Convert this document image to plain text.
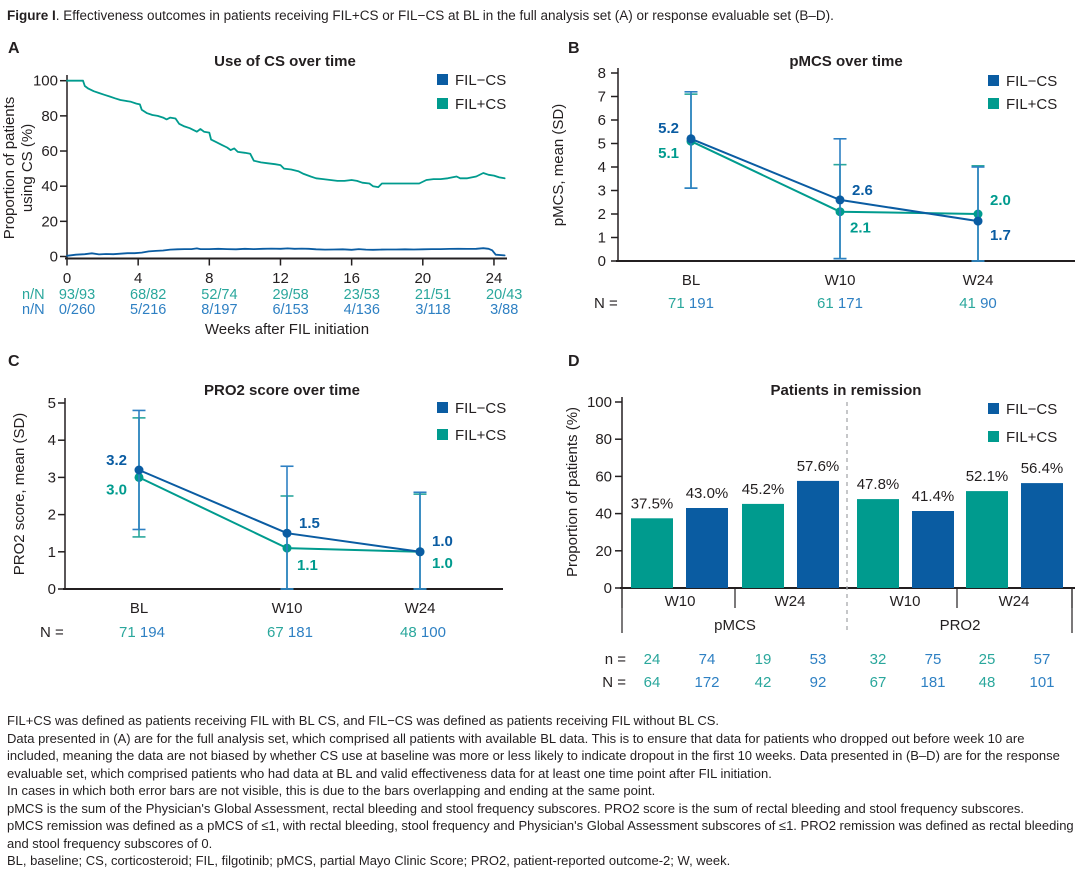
Figure I. Effectiveness outcomes in patients receiving FIL+CS or FIL−CS at BL in the full analysis set (A) or response evaluable set (B–D).
0
20
40
60
80
100
Use of CS over time
A
0	4	8	12	16	20	24
Proportion of patientsusing CS (%)
FIL−CS
FIL+CS
n/N 93/93 68/82 52/74 29/58 23/53 21/51 20/43
n/N 0/260 5/216 8/197 6/153 4/136 3/118	3/88
Weeks after FIL initiation
0
1
2
3
4
5
6
7
8
pMCS over time
B
BL	W10	W24
5.1
2.1
2.0
5.2
2.6
1.7
pMCS, mean (SD)
FIL−CS
FIL+CS
N =	71 191	61 171	41 90
0
1
2
3
4
5
PRO2 score over time
C
BL	W10	W24
3.0
1.1	1.0
3.2
1.5
1.0
PRO2 score, mean (SD)
FIL−CS
FIL+CS
N =	71 194	67 181	48 100
0
20
40
60
80
100
Patients in remission
D
37.5%
43.0% 45.2%
57.6%
47.8%
41.4%
52.1% 56.4%
W10	W24	W10	W24
pMCS	PRO2
Proportion of patients (%)	FIL−CS
FIL+CS
n =
N =
24	74	19	53	32	75 25	57
64 172 42	92	67 181 48 101

FIL+CS was defined as patients receiving FIL with BL CS, and FIL−CS was defined as patients receiving FIL without BL CS.

Data presented in (A) are for the full analysis set, which comprised all patients with available BL data. This is to ensure that data for patients who dropped out before week 10 are included, meaning the data are not biased by whether CS use at baseline was more or less likely to indicate dropout in the first 10 weeks. Data presented in (B–D) are for the response evaluable set, which comprised patients who had data at BL and valid effectiveness data for at least one time point after FIL initiation.

In cases in which both error bars are not visible, this is due to the bars overlapping and ending at the same point.

pMCS is the sum of the Physician's Global Assessment, rectal bleeding and stool frequency subscores. PRO2 score is the sum of rectal bleeding and stool frequency subscores.

pMCS remission was defined as a pMCS of ≤1, with rectal bleeding, stool frequency and Physician's Global Assessment subscores of ≤1. PRO2 remission was defined as rectal bleeding and stool frequency subscores of 0.

BL, baseline; CS, corticosteroid; FIL, filgotinib; pMCS, partial Mayo Clinic Score; PRO2, patient-reported outcome-2; W, week.
